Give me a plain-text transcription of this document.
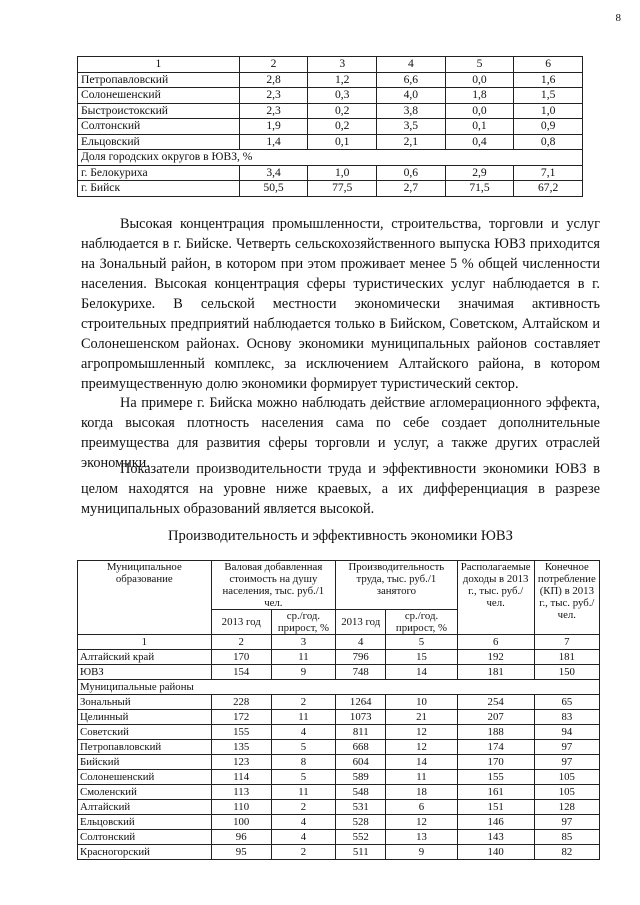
8
1	2	3	4	5	6
Петропавловский	2,8	1,2	6,6	0,0	1,6
Солонешенский	2,3	0,3	4,0	1,8	1,5
Быстроистокский	2,3	0,2	3,8	0,0	1,0
Солтонский	1,9	0,2	3,5	0,1	0,9
Ельцовский	1,4	0,1	2,1	0,4	0,8
Доля городских округов в ЮВЗ, %					
г. Белокуриха	3,4	1,0	0,6	2,9	7,1
г. Бийск	50,5	77,5	2,7	71,5	67,2

Высокая концентрация промышленности, строительства, торговли и услуг наблюдается в г. Бийске. Четверть сельскохозяйственного выпуска ЮВЗ приходится на Зональный район, в котором при этом проживает менее 5 % общей численности населения. Высокая концентрация сферы туристических услуг наблюдается в г. Белокурихе. В сельской местности экономически значимая активность строительных предприятий наблюдается только в Бийском, Советском, Алтайском и Солонешенском районах. Основу экономики муниципальных районов составляет агропромышленный комплекс, за исключением Алтайского района, в котором преимущественную долю экономики формирует туристический сектор.

На примере г. Бийска можно наблюдать действие агломерационного эффекта, когда высокая плотность населения сама по себе создает дополнительные преимущества для развития сферы торговли и услуг, а также других отраслей экономики.

Показатели производительности труда и эффективности экономики ЮВЗ в целом находятся на уровне ниже краевых, а их дифференциация в разрезе муниципальных образований является высокой.

Производительность и эффективность экономики ЮВЗ
Муниципальное образование	Валовая добавленная стоимость на душу населения, тыс. руб./1 чел.		Производительность труда, тыс. руб./1 занятого		Располагаемые доходы в 2013 г., тыс. руб./чел.	Конечное потребление (КП) в 2013 г., тыс. руб./чел.
	2013 год	ср./год. прирост, %	2013 год	ср./год. прирост, %		
1	2	3	4	5	6	7
Алтайский край	170	11	796	15	192	181
ЮВЗ	154	9	748	14	181	150
Муниципальные районы						
Зональный	228	2	1264	10	254	65
Целинный	172	11	1073	21	207	83
Советский	155	4	811	12	188	94
Петропавловский	135	5	668	12	174	97
Бийский	123	8	604	14	170	97
Солонешенский	114	5	589	11	155	105
Смоленский	113	11	548	18	161	105
Алтайский	110	2	531	6	151	128
Ельцовский	100	4	528	12	146	97
Солтонский	96	4	552	13	143	85
Красногорский	95	2	511	9	140	82
